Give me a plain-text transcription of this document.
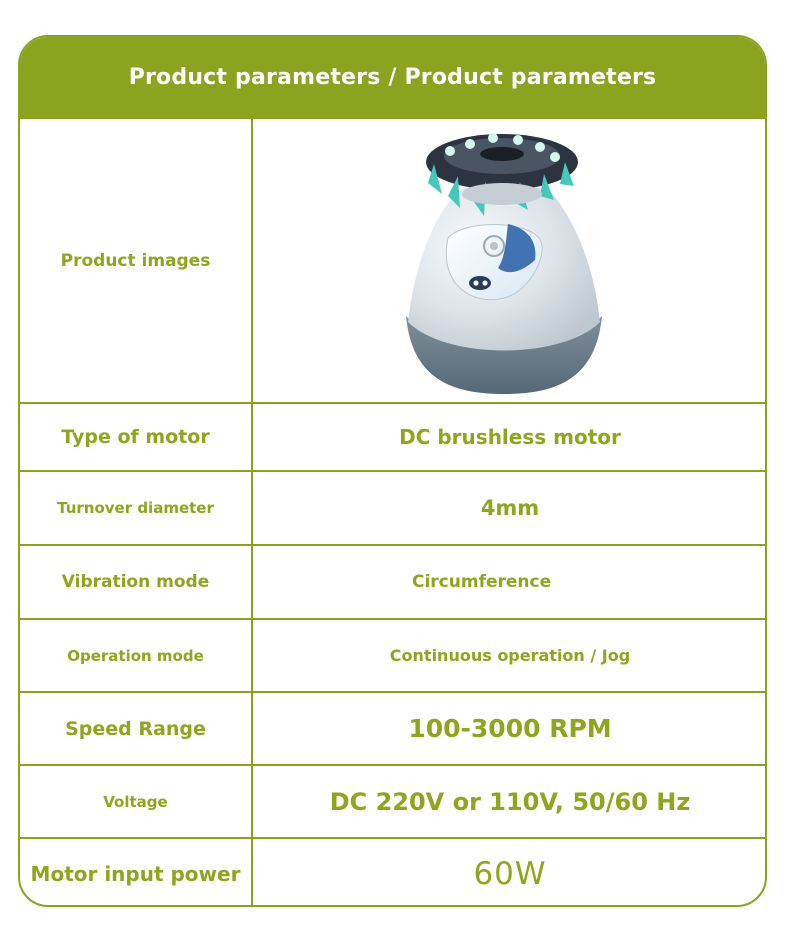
Product parameters / Product parameters
Product images
Type of motor	DC brushless motor
Turnover diameter	4mm
Vibration mode	Circumference
Operation mode	Continuous operation / Jog
Speed Range	100-3000 RPM
Voltage	DC 220V or 110V, 50/60 Hz
Motor input power	60W
